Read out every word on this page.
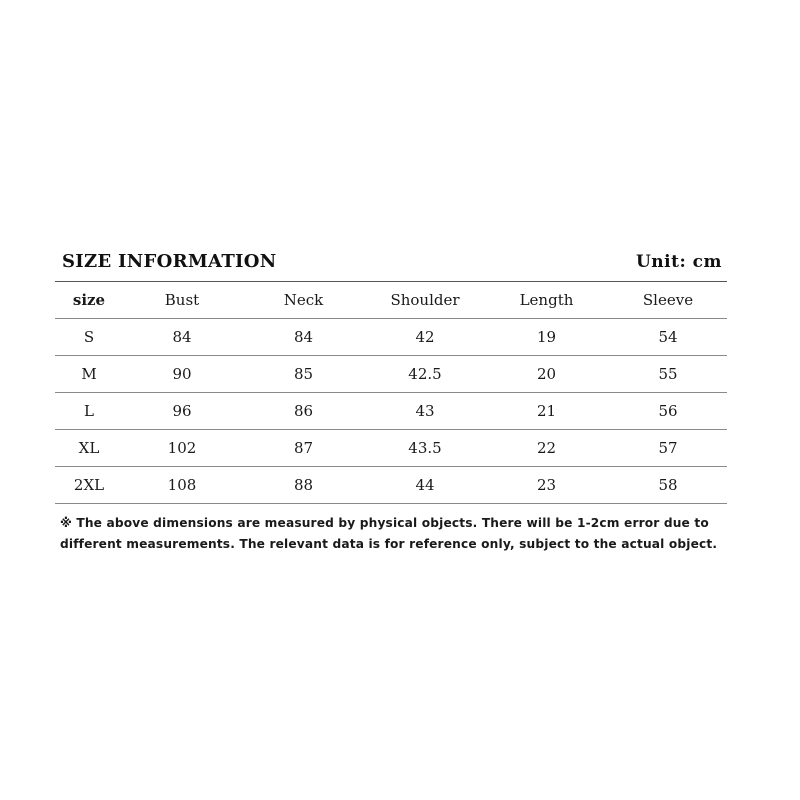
SIZE INFORMATION	Unit: cm
size	Bust	Neck	Shoulder	Length	Sleeve
S	84	84	42	19	54
M	90	85	42.5	20	55
L	96	86	43	21	56
XL	102	87	43.5	22	57
2XL	108	88	44	23	58
※ The above dimensions are measured by physical objects. There will be 1-2cm error due to
different measurements. The relevant data is for reference only, subject to the actual object.
